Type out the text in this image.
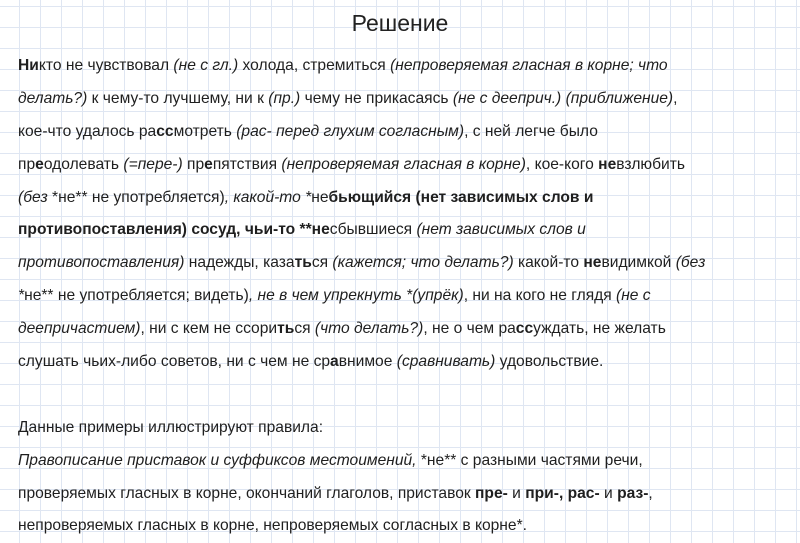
Решение
Никто не чувствовал (не с гл.) холода, стремиться (непроверяемая гласная в корне; что
делать?) к чему-то лучшему, ни к (пр.) чему не прикасаясь (не с дееприч.) (приближение),
кое-что удалось рассмотреть (рас- перед глухим согласным), с ней легче было
преодолевать (=пере-) препятствия (непроверяемая гласная в корне), кое-кого невзлюбить
(без *не** не употребляется), какой-то *небьющийся (нет зависимых слов и
противопоставления) сосуд, чьи-то **несбывшиеся (нет зависимых слов и
противопоставления) надежды, казаться (кажется; что делать?) какой-то невидимкой (без
*не** не употребляется; видеть), не в чем упрекнуть *(упрёк), ни на кого не глядя (не с
деепричастием), ни с кем не ссориться (что делать?), не о чем рассуждать, не желать
слушать чьих-либо советов, ни с чем не сравнимое (сравнивать) удовольствие.
Данные примеры иллюстрируют правила:
Правописание приставок и суффиксов местоимений, *не** с разными частями речи,
проверяемых гласных в корне, окончаний глаголов, приставок пре- и при-, рас- и раз-,
непроверяемых гласных в корне, непроверяемых согласных в корне*.
